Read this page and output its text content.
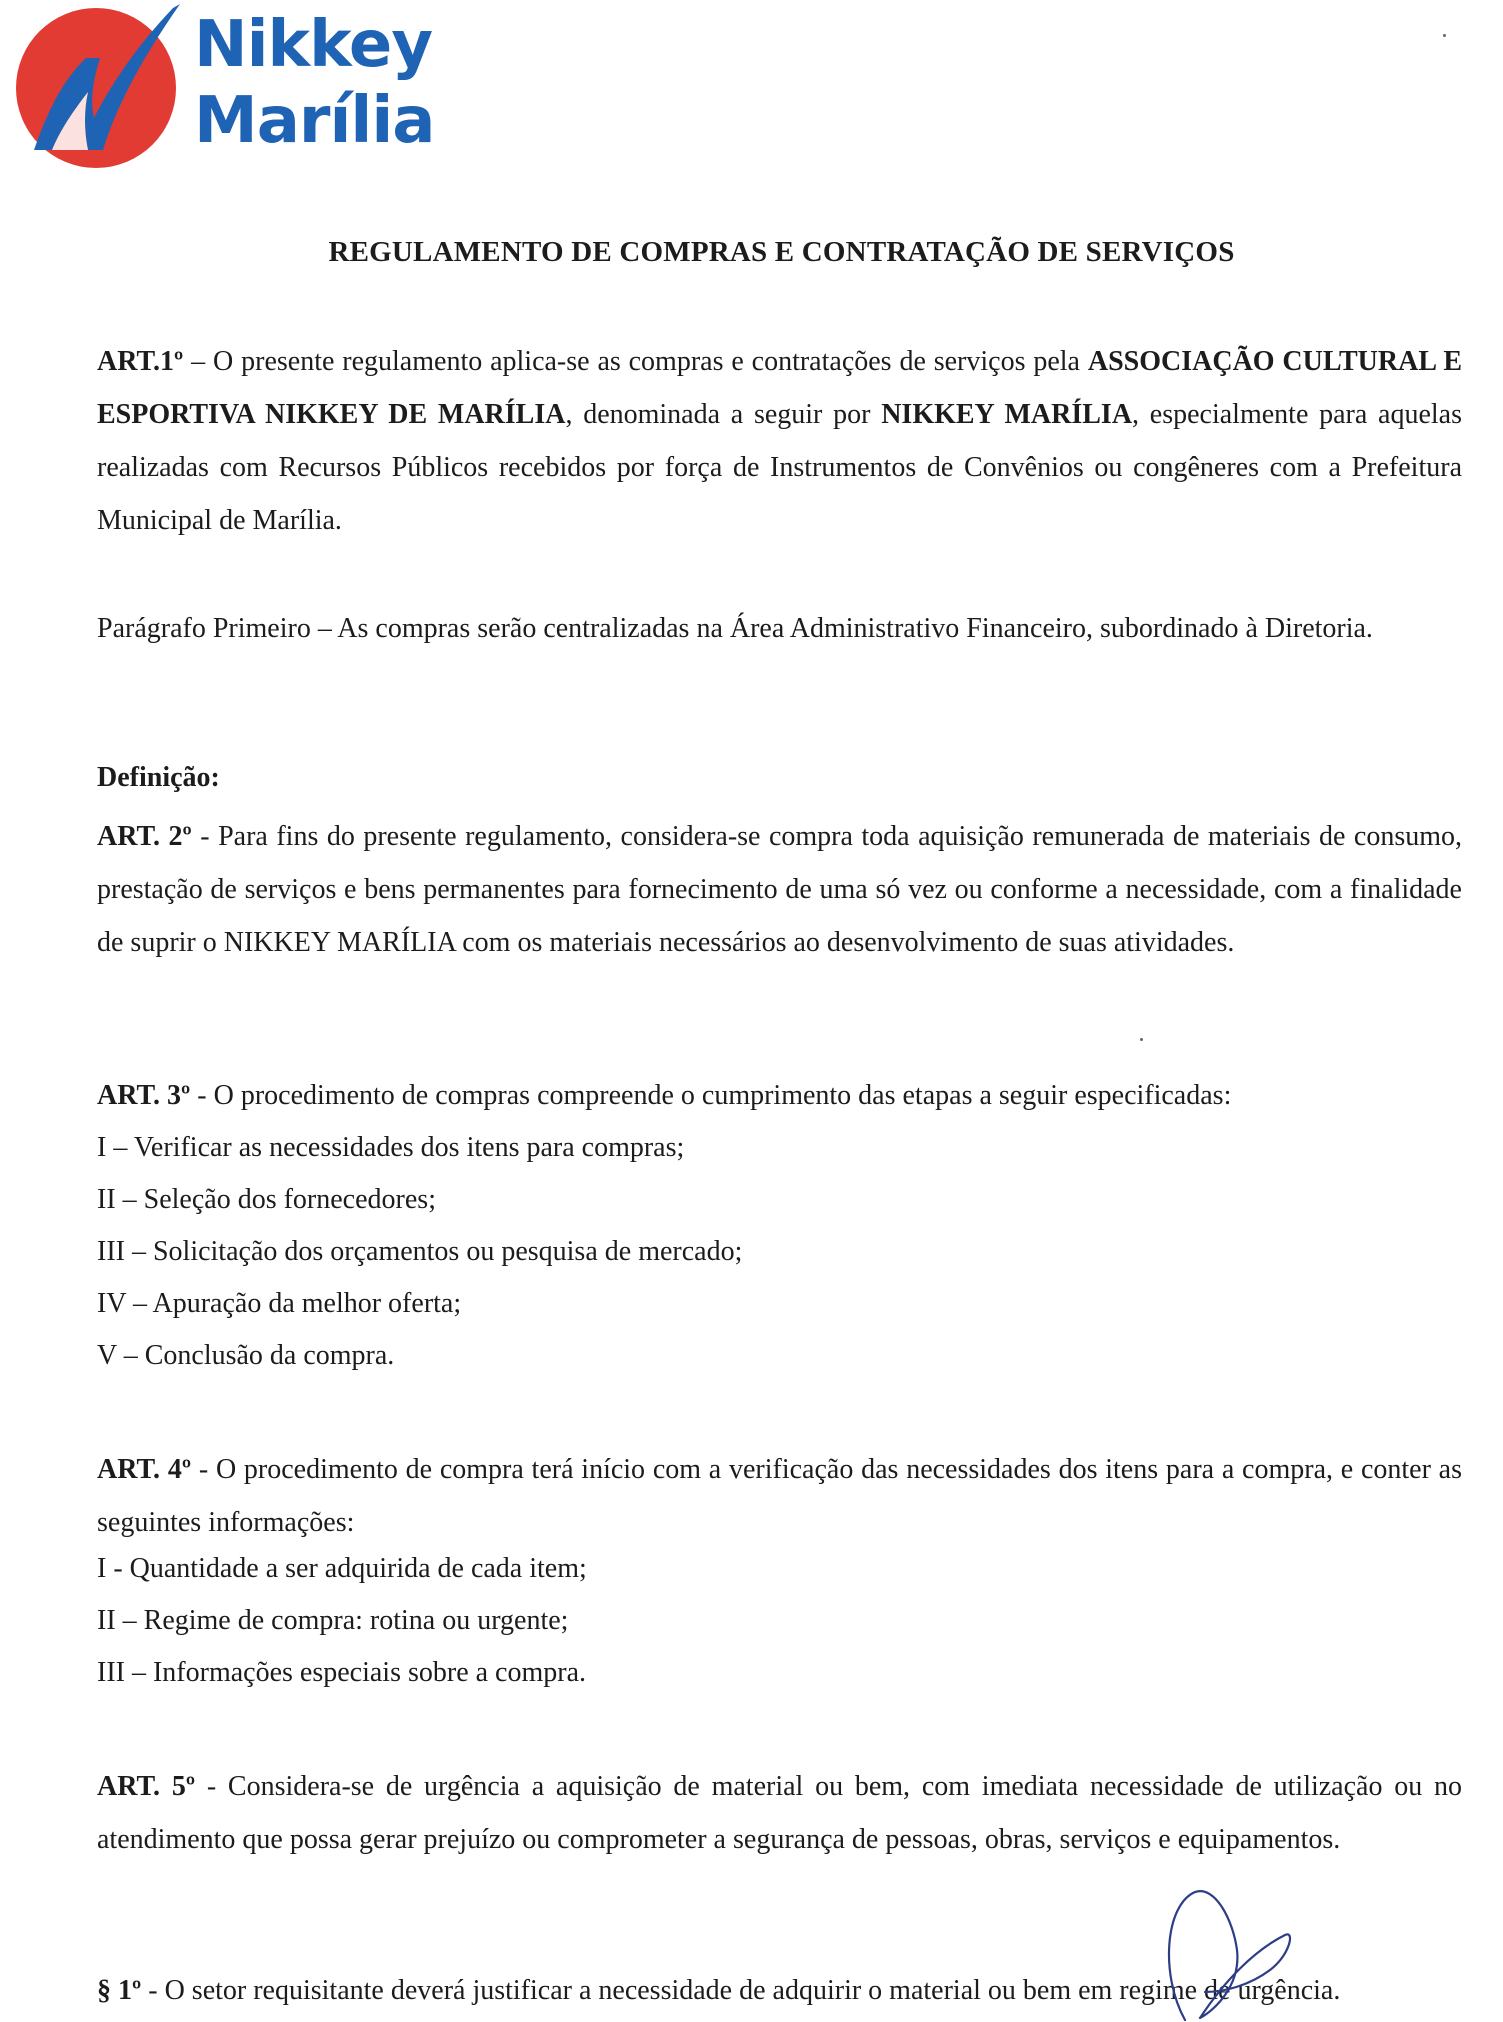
Nikkey
Marília
REGULAMENTO DE COMPRAS E CONTRATAÇÃO DE SERVIÇOS
ART.1º – O presente regulamento aplica-se as compras e contratações de serviços pela ASSOCIAÇÃO CULTURAL E ESPORTIVA NIKKEY DE MARÍLIA, denominada a seguir por NIKKEY MARÍLIA, especialmente para aquelas realizadas com Recursos Públicos recebidos por força de Instrumentos de Convênios ou congêneres com a Prefeitura Municipal de Marília.
Parágrafo Primeiro – As compras serão centralizadas na Área Administrativo Financeiro, subordinado à Diretoria.
Definição:
ART. 2º - Para fins do presente regulamento, considera-se compra toda aquisição remunerada de materiais de consumo, prestação de serviços e bens permanentes para fornecimento de uma só vez ou conforme a necessidade, com a finalidade de suprir o NIKKEY MARÍLIA com os materiais necessários ao desenvolvimento de suas atividades.
ART. 3º - O procedimento de compras compreende o cumprimento das etapas a seguir especificadas:
I – Verificar as necessidades dos itens para compras;
II – Seleção dos fornecedores;
III – Solicitação dos orçamentos ou pesquisa de mercado;
IV – Apuração da melhor oferta;
V – Conclusão da compra.
ART. 4º - O procedimento de compra terá início com a verificação das necessidades dos itens para a compra, e conter as seguintes informações:
I - Quantidade a ser adquirida de cada item;
II – Regime de compra: rotina ou urgente;
III – Informações especiais sobre a compra.
ART. 5º - Considera-se de urgência a aquisição de material ou bem, com imediata necessidade de utilização ou no atendimento que possa gerar prejuízo ou comprometer a segurança de pessoas, obras, serviços e equipamentos.
§ 1º - O setor requisitante deverá justificar a necessidade de adquirir o material ou bem em regime de urgência.
